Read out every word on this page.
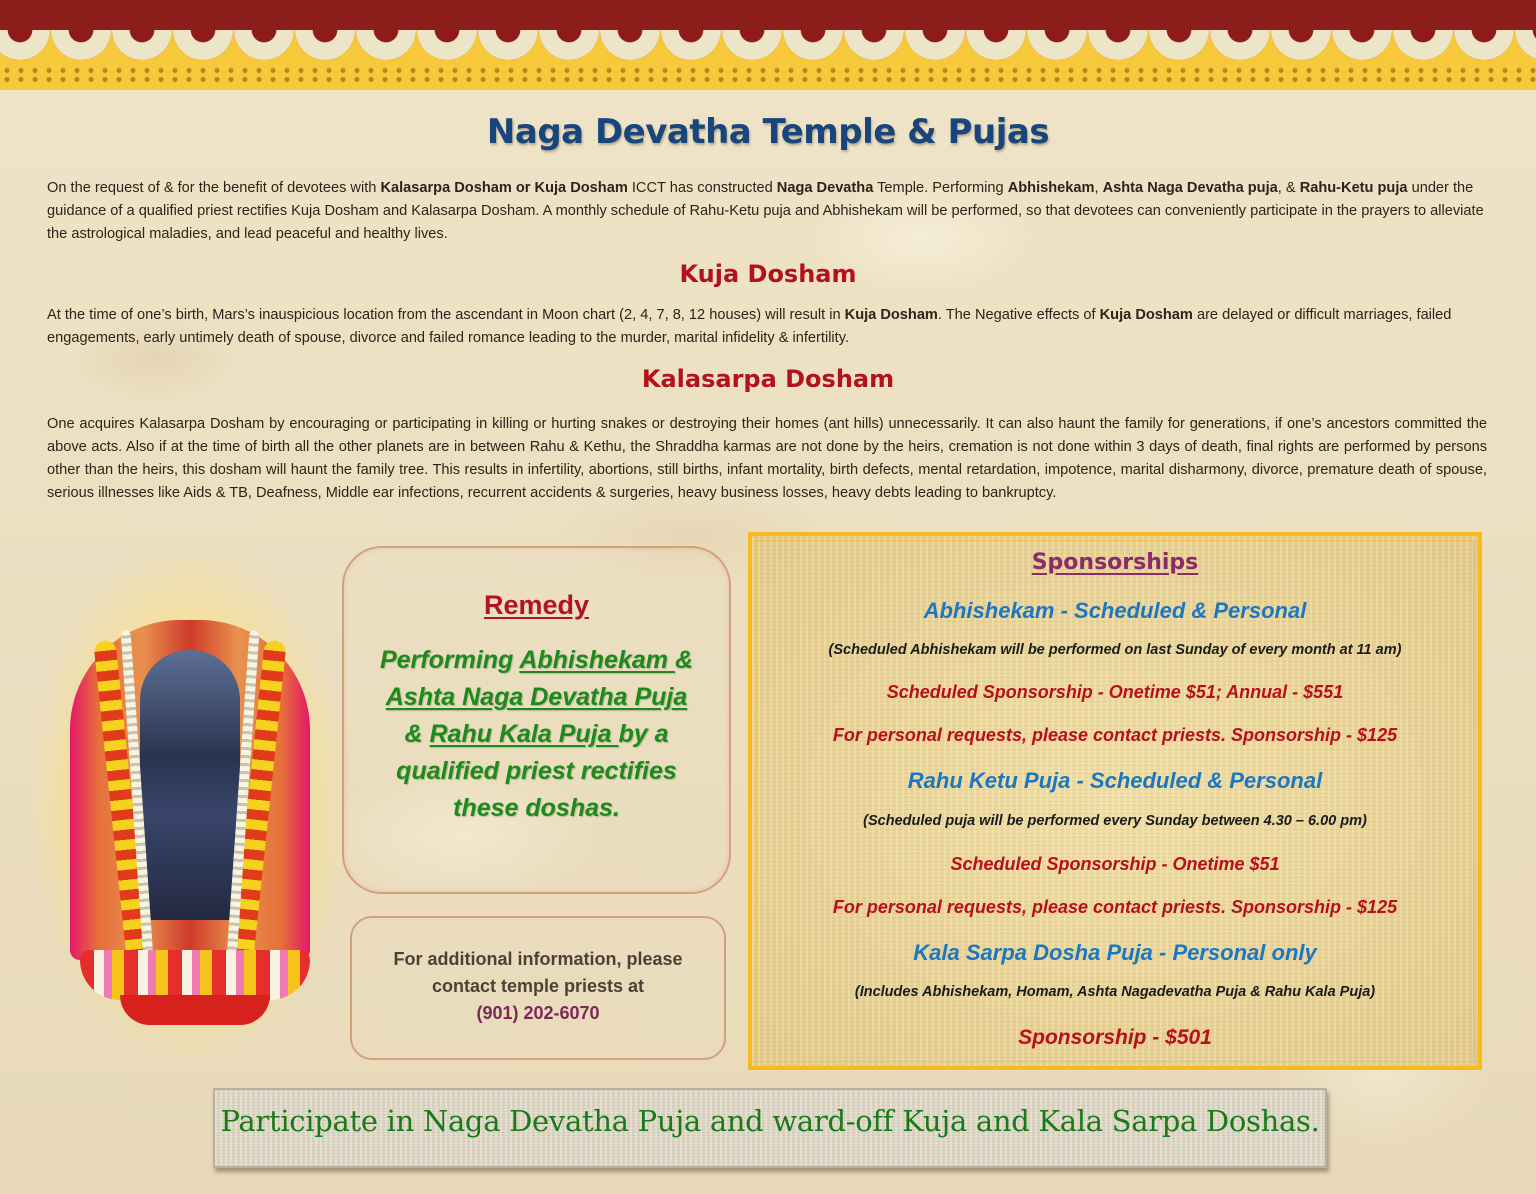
Naga Devatha Temple & Pujas
On the request of & for the benefit of devotees with Kalasarpa Dosham or Kuja Dosham ICCT has constructed Naga Devatha Temple. Performing Abhishekam, Ashta Naga Devatha puja, & Rahu-Ketu puja under the guidance of a qualified priest rectifies Kuja Dosham and Kalasarpa Dosham. A monthly schedule of Rahu-Ketu puja and Abhishekam will be performed, so that devotees can conveniently participate in the prayers to alleviate the astrological maladies, and lead peaceful and healthy lives.
Kuja Dosham
At the time of one’s birth, Mars’s inauspicious location from the ascendant in Moon chart (2, 4, 7, 8, 12 houses) will result in Kuja Dosham. The Negative effects of Kuja Dosham are delayed or difficult marriages, failed engagements, early untimely death of spouse, divorce and failed romance leading to the murder, marital infidelity & infertility.
Kalasarpa Dosham
One acquires Kalasarpa Dosham by encouraging or participating in killing or hurting snakes or destroying their homes (ant hills) unnecessarily. It can also haunt the family for generations, if one’s ancestors committed the above acts. Also if at the time of birth all the other planets are in between Rahu & Kethu, the Shraddha karmas are not done by the heirs, cremation is not done within 3 days of death, final rights are performed by persons other than the heirs, this dosham will haunt the family tree. This results in infertility, abortions, still births, infant mortality, birth defects, mental retardation, impotence, marital disharmony, divorce, premature death of spouse, serious illnesses like Aids & TB, Deafness, Middle ear infections, recurrent accidents & surgeries, heavy business losses, heavy debts leading to bankruptcy.
Remedy
Performing Abhishekam &
Ashta Naga Devatha Puja
& Rahu Kala Puja by a qualified priest rectifies these doshas.
For additional information, please
contact temple priests at
(901) 202-6070
Sponsorships
Abhishekam - Scheduled & Personal
(Scheduled Abhishekam will be performed on last Sunday of every month at 11 am)
Scheduled Sponsorship - Onetime $51; Annual - $551
For personal requests, please contact priests. Sponsorship - $125
Rahu Ketu Puja - Scheduled & Personal
(Scheduled puja will be performed every Sunday between 4.30 – 6.00 pm)
Scheduled Sponsorship - Onetime $51
For personal requests, please contact priests. Sponsorship - $125
Kala Sarpa Dosha Puja - Personal only
(Includes Abhishekam, Homam, Ashta Nagadevatha Puja & Rahu Kala Puja)
Sponsorship - $501
Participate in Naga Devatha Puja and ward-off Kuja and Kala Sarpa Doshas.
